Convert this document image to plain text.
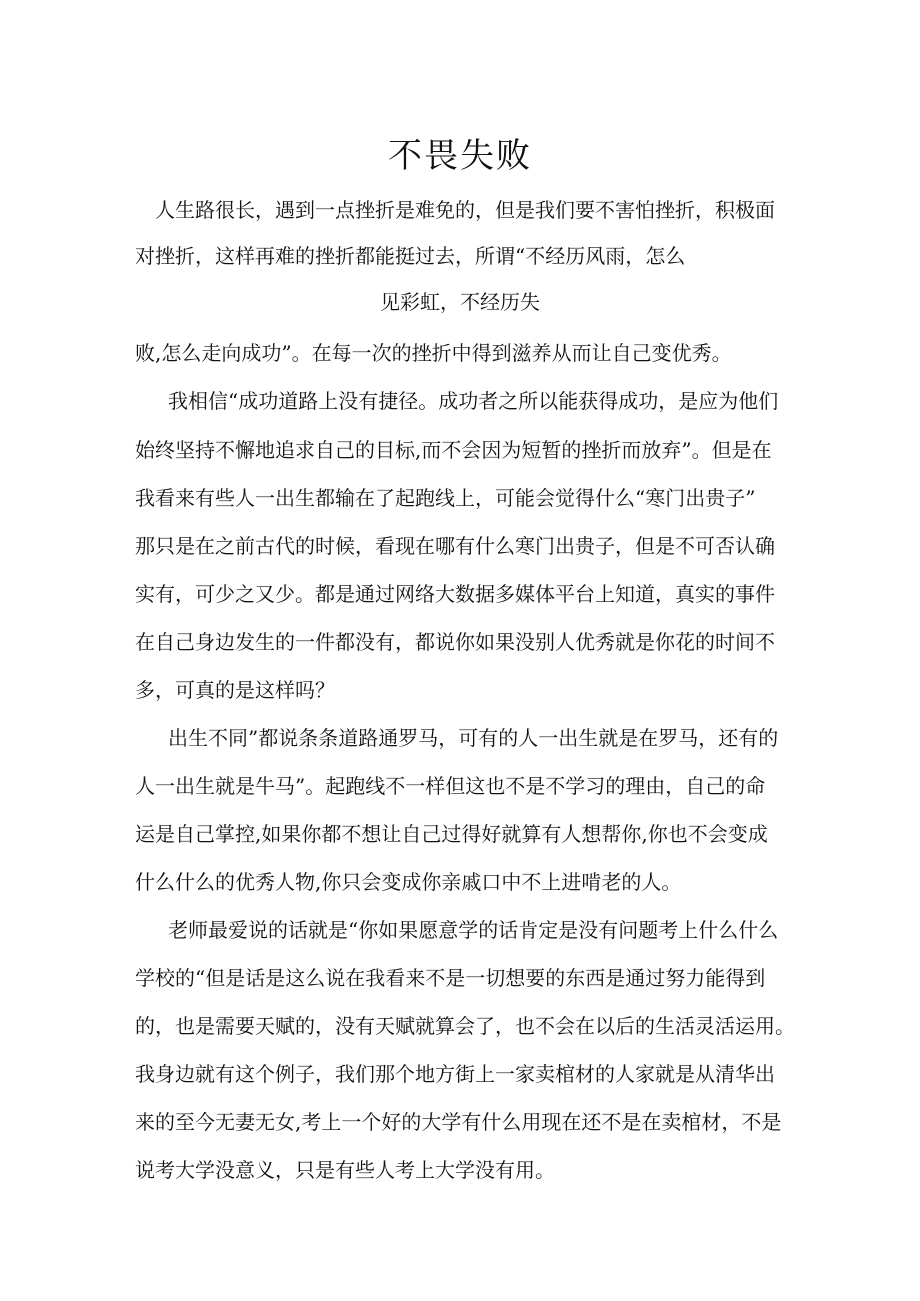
不畏失败
人生路很长，遇到一点挫折是难免的，但是我们要不害怕挫折，积极面
对挫折，这样再难的挫折都能挺过去，所谓“不经历风雨，怎么
见彩虹，不经历失
败,怎么走向成功”。在每一次的挫折中得到滋养从而让自己变优秀。
我相信“成功道路上没有捷径。成功者之所以能获得成功，是应为他们
始终坚持不懈地追求自己的目标,而不会因为短暂的挫折而放弃”。但是在
我看来有些人一出生都输在了起跑线上，可能会觉得什么“寒门出贵子”
那只是在之前古代的时候，看现在哪有什么寒门出贵子，但是不可否认确
实有，可少之又少。都是通过网络大数据多媒体平台上知道，真实的事件
在自己身边发生的一件都没有，都说你如果没别人优秀就是你花的时间不
多，可真的是这样吗？
出生不同”都说条条道路通罗马，可有的人一出生就是在罗马，还有的
人一出生就是牛马”。起跑线不一样但这也不是不学习的理由，自己的命
运是自己掌控,如果你都不想让自己过得好就算有人想帮你,你也不会变成
什么什么的优秀人物,你只会变成你亲戚口中不上进啃老的人。
老师最爱说的话就是“你如果愿意学的话肯定是没有问题考上什么什么
学校的“但是话是这么说在我看来不是一切想要的东西是通过努力能得到
的，也是需要天赋的，没有天赋就算会了，也不会在以后的生活灵活运用。
我身边就有这个例子，我们那个地方街上一家卖棺材的人家就是从清华出
来的至今无妻无女,考上一个好的大学有什么用现在还不是在卖棺材，不是
说考大学没意义，只是有些人考上大学没有用。
